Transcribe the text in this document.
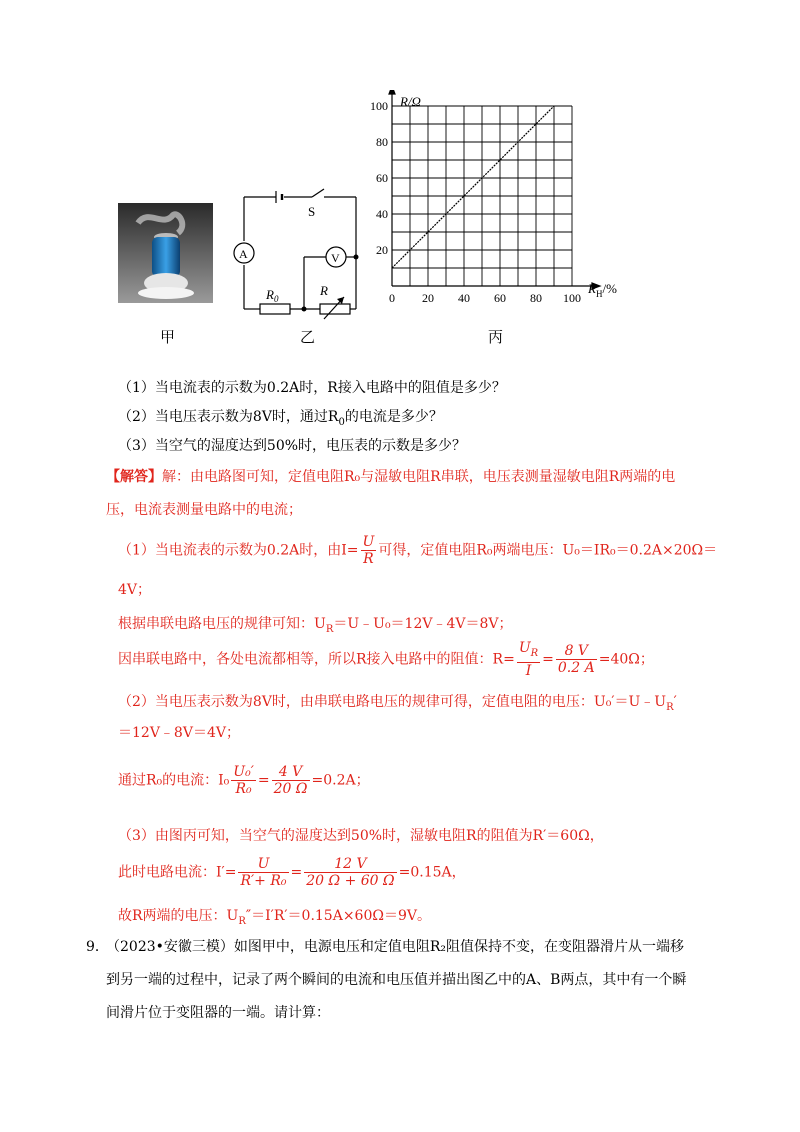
甲
S
A	V
$R_0$
R
乙
0 20 40 60 80 100
20
40
60
80
100 R/Ω
$R_H/\%$
丙
（1）当电流表的示数为0.2A时，R接入电路中的阻值是多少？
（2）当电压表示数为8V时，通过$R_0$的电流是多少？
（3）当空气的湿度达到50%时，电压表的示数是多少？
【解答】解：由电路图可知，定值电阻R₀与湿敏电阻R串联，电压表测量湿敏电阻R两端的电
压，电流表测量电路中的电流；
（1）当电流表的示数为0.2A时，由$I= \frac{U}{R}$ 可得，定值电阻R₀两端电压：U₀＝IR₀＝0.2A×20Ω＝
4V；
根据串联电路电压的规律可知：$U_R=U﹣U_0=12V﹣4V=8V$；
因串联电路中，各处电流都相等，所以R接入电路中的阻值：$R= \frac{U_R}{I} = \frac{8 V}{0.2 A} =40\Omega$；
（2）当电压表示数为8V时，由串联电路电压的规律可得，定值电阻的电压：$U_0'=U﹣U_R'$
＝12V﹣8V＝4V；
通过R₀的电流：$I_0 \frac{\text{U₀′}}{\text{R₀}} = \frac{4 V}{20 \Omega} =0.2A$；
（3）由图丙可知，当空气的湿度达到50%时，湿敏电阻R的阻值为R′＝60Ω，
此时电路电流：$I'= \frac{U}{\text{R′+ R₀}} = \frac{12 V}{20 \Omega + 60 \Omega} =0.15A$，
故R两端的电压：$U_R''=I'R'=0.15A\times 60\Omega=9V$。
9．
（2023•安徽三模）如图甲中，电源电压和定值电阻R₂阻值保持不变，在变阻器滑片从一端移
到另一端的过程中，记录了两个瞬间的电流和电压值并描出图乙中的A、B两点，其中有一个瞬
间滑片位于变阻器的一端。请计算：
